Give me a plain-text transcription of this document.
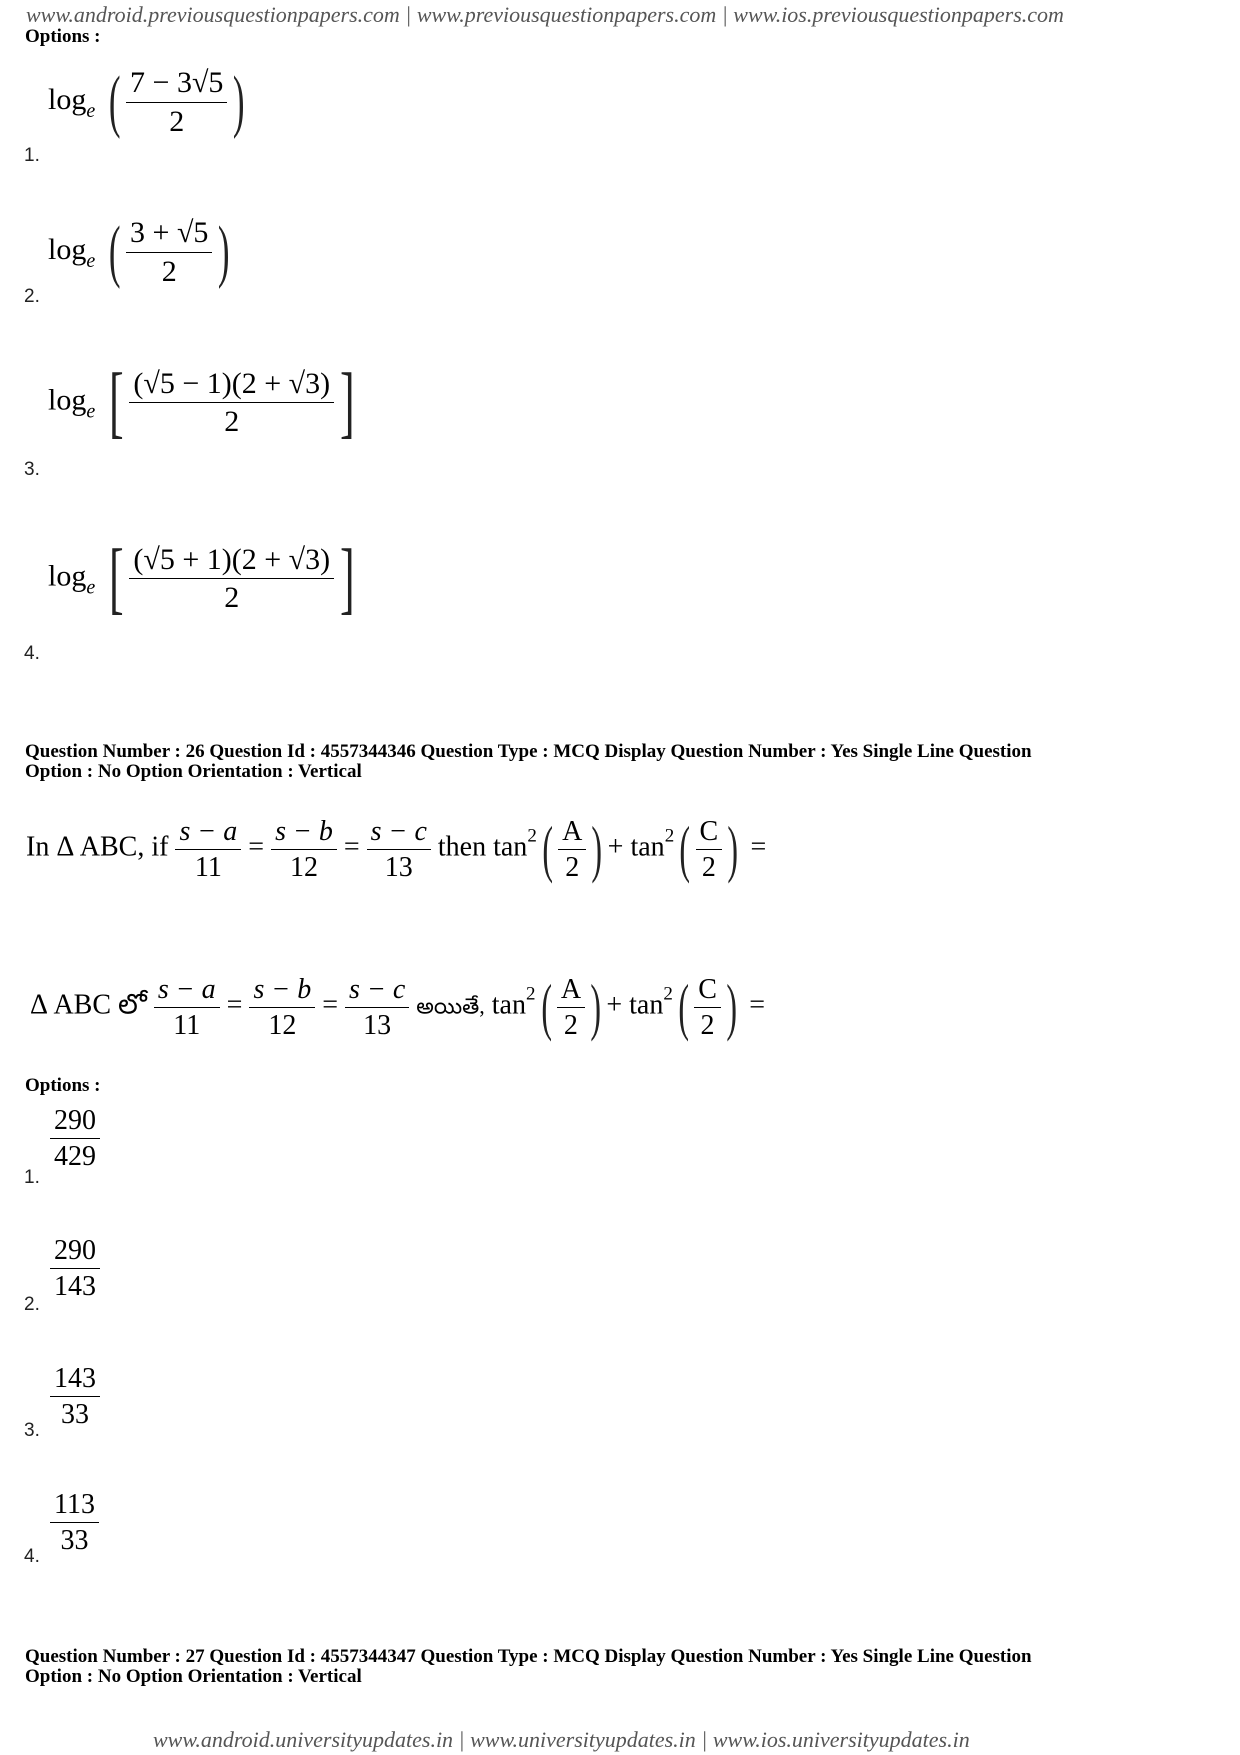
www.android.previousquestionpapers.com | www.previousquestionpapers.com | www.ios.previousquestionpapers.com
Options :
$\log_e$ ( $\frac{7 - 3√5}{2}$ )
1.
$\log_e$ ( $\frac{3 + √5}{2}$ )
2.
$\log_e$ [ $\frac{(√5 - 1)(2 + √3)}{2}$ ]
3.
$\log_e$ [ $\frac{(√5 + 1)(2 + √3)}{2}$ ]
4.
Question Number : 26 Question Id : 4557344346 Question Type : MCQ Display Question Number : Yes Single Line Question
Option : No Option Orientation : Vertical
In Δ ABC, if $\frac{s - a}{11} = \frac{s - b}{12} = \frac{s - c}{13}$ then $\tan^2( \frac{A}{2}$ ) + $\tan^2( \frac{C}{2}$ ) =
Δ ABC లో $\frac{s - a}{11} = \frac{s - b}{12} = \frac{s - c}{13}$ అయితే, $\tan^2( \frac{A}{2}$ ) + $\tan^2( \frac{C}{2}$ ) =
Options :
$\frac{290}{429}$
1.
$\frac{290}{143}$
2.
$\frac{143}{33}$
3.
$\frac{113}{33}$
4.
Question Number : 27 Question Id : 4557344347 Question Type : MCQ Display Question Number : Yes Single Line Question
Option : No Option Orientation : Vertical
www.android.universityupdates.in | www.universityupdates.in | www.ios.universityupdates.in
